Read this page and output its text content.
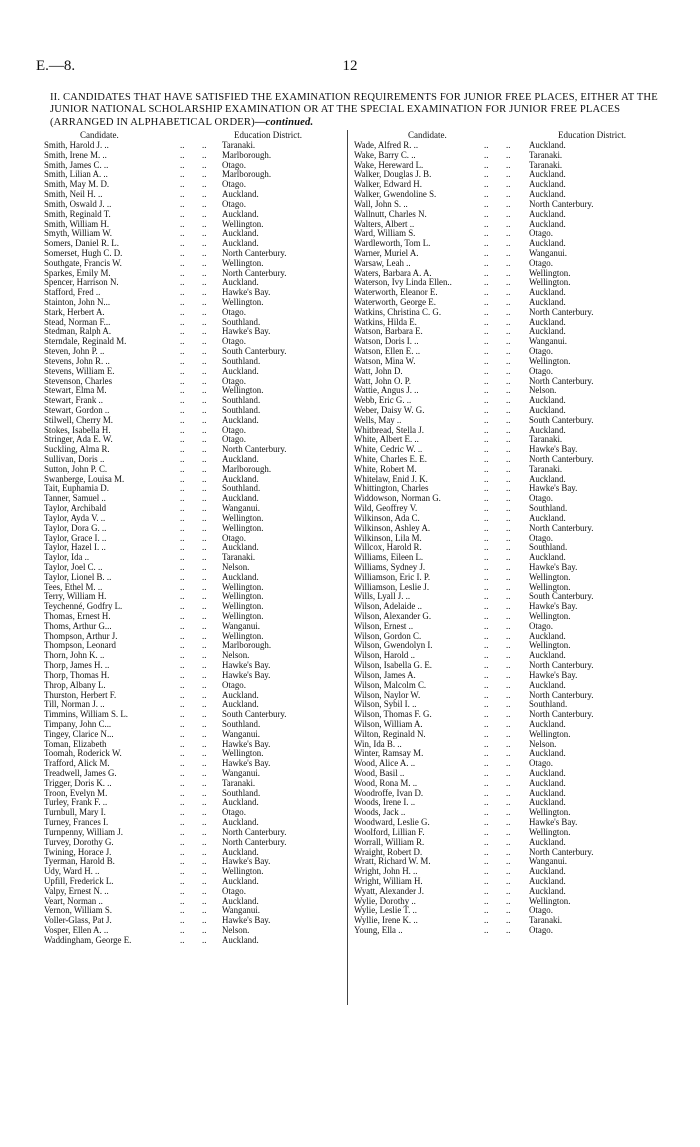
E.—8.	12
II. CANDIDATES THAT HAVE SATISFIED THE EXAMINATION REQUIREMENTS FOR JUNIOR FREE PLACES, EITHER AT THE JUNIOR NATIONAL SCHOLARSHIP EXAMINATION OR AT THE SPECIAL EXAMINATION FOR JUNIOR FREE PLACES (ARRANGED IN ALPHABETICAL ORDER)—continued.
Candidate.	Education District.
Smith, Harold J. ..	.. .. Taranaki.
Smith, Irene M. ..	.. .. Marlborough.
Smith, James C. ..	.. .. Otago.
Smith, Lilian A. ..	.. .. Marlborough.
Smith, May M. D.	.. .. Otago.
Smith, Neil H. ..	.. .. Auckland.
Smith, Oswald J. ..	.. .. Otago.
Smith, Reginald T.	.. .. Auckland.
Smith, William H.	.. .. Wellington.
Smyth, William W.	.. .. Auckland.
Somers, Daniel R. L.	.. .. Auckland.
Somerset, Hugh C. D.	.. .. North Canterbury.
Southgate, Francis W.	.. .. Wellington.
Sparkes, Emily M.	.. .. North Canterbury.
Spencer, Harrison N.	.. .. Auckland.
Stafford, Fred ..	.. .. Hawke's Bay.
Stainton, John N...	.. .. Wellington.
Stark, Herbert A.	.. .. Otago.
Stead, Norman F...	.. .. Southland.
Stedman, Ralph A.	.. .. Hawke's Bay.
Sterndale, Reginald M.	.. .. Otago.
Steven, John P. ..	.. .. South Canterbury.
Stevens, John R. ..	.. .. Southland.
Stevens, William E.	.. .. Auckland.
Stevenson, Charles	.. .. Otago.
Stewart, Elma M.	.. .. Wellington.
Stewart, Frank ..	.. .. Southland.
Stewart, Gordon ..	.. .. Southland.
Stilwell, Cherry M.	.. .. Auckland.
Stokes, Isabella H.	.. .. Otago.
Stringer, Ada E. W.	.. .. Otago.
Suckling, Alma R.	.. .. North Canterbury.
Sullivan, Doris ..	.. .. Auckland.
Sutton, John P. C.	.. .. Marlborough.
Swanberge, Louisa M.	.. .. Auckland.
Tait, Euphamia D.	.. .. Southland.
Tanner, Samuel ..	.. .. Auckland.
Taylor, Archibald	.. .. Wanganui.
Taylor, Ayda V. ..	.. .. Wellington.
Taylor, Dora G. ..	.. .. Wellington.
Taylor, Grace I. ..	.. .. Otago.
Taylor, Hazel I. ..	.. .. Auckland.
Taylor, Ida ..	.. .. Taranaki.
Taylor, Joel C. ..	.. .. Nelson.
Taylor, Lionel B. ..	.. .. Auckland.
Tees, Ethel M. ..	.. .. Wellington.
Terry, William H.	.. .. Wellington.
Teychenné, Godfry L.	.. .. Wellington.
Thomas, Ernest H.	.. .. Wellington.
Thoms, Arthur G...	.. .. Wanganui.
Thompson, Arthur J.	.. .. Wellington.
Thompson, Leonard	.. .. Marlborough.
Thorn, John K. ..	.. .. Nelson.
Thorp, James H. ..	.. .. Hawke's Bay.
Thorp, Thomas H.	.. .. Hawke's Bay.
Throp, Albany L.	.. .. Otago.
Thurston, Herbert F.	.. .. Auckland.
Till, Norman J. ..	.. .. Auckland.
Timmins, William S. L.	.. .. South Canterbury.
Timpany, John C...	.. .. Southland.
Tingey, Clarice N...	.. .. Wanganui.
Toman, Elizabeth	.. .. Hawke's Bay.
Toomah, Roderick W.	.. .. Wellington.
Trafford, Alick M.	.. .. Hawke's Bay.
Treadwell, James G.	.. .. Wanganui.
Trigger, Doris K. ..	.. .. Taranaki.
Troon, Evelyn M.	.. .. Southland.
Turley, Frank F. ..	.. .. Auckland.
Turnbull, Mary I.	.. .. Otago.
Turney, Frances I.	.. .. Auckland.
Turnpenny, William J.	.. .. North Canterbury.
Turvey, Dorothy G.	.. .. North Canterbury.
Twining, Horace J.	.. .. Auckland.
Tyerman, Harold B.	.. .. Hawke's Bay.
Udy, Ward H. ..	.. .. Wellington.
Upfill, Frederick L.	.. .. Auckland.
Valpy, Ernest N. ..	.. .. Otago.
Veart, Norman ..	.. .. Auckland.
Vernon, William S.	.. .. Wanganui.
Voller-Glass, Pat J.	.. .. Hawke's Bay.
Vosper, Ellen A. ..	.. .. Nelson.
Waddingham, George E.	.. .. Auckland.
Candidate.	Education District.
Wade, Alfred R. ..	.. .. Auckland.
Wake, Barry C. ..	.. .. Taranaki.
Wake, Hereward L.	.. .. Taranaki.
Walker, Douglas J. B.	.. .. Auckland.
Walker, Edward H.	.. .. Auckland.
Walker, Gwendoline S.	.. .. Auckland.
Wall, John S. ..	.. .. North Canterbury.
Wallnutt, Charles N.	.. .. Auckland.
Walters, Albert ..	.. .. Auckland.
Ward, William S.	.. .. Otago.
Wardleworth, Tom L.	.. .. Auckland.
Warner, Muriel A.	.. .. Wanganui.
Warsaw, Leah ..	.. .. Otago.
Waters, Barbara A. A.	.. .. Wellington.
Waterson, Ivy Linda Ellen..	.. .. Wellington.
Waterworth, Eleanor E.	.. .. Auckland.
Waterworth, George E.	.. .. Auckland.
Watkins, Christina C. G.	.. .. North Canterbury.
Watkins, Hilda E.	.. .. Auckland.
Watson, Barbara E.	.. .. Auckland.
Watson, Doris I. ..	.. .. Wanganui.
Watson, Ellen E. ..	.. .. Otago.
Watson, Mina W.	.. .. Wellington.
Watt, John D.	.. .. Otago.
Watt, John O. P.	.. .. North Canterbury.
Wattie, Angus J. ..	.. .. Nelson.
Webb, Eric G. ..	.. .. Auckland.
Weber, Daisy W. G.	.. .. Auckland.
Wells, May ..	.. .. South Canterbury.
Whitbread, Stella J.	.. .. Auckland.
White, Albert E. ..	.. .. Taranaki.
White, Cedric W. ..	.. .. Hawke's Bay.
White, Charles E. E.	.. .. North Canterbury.
White, Robert M.	.. .. Taranaki.
Whitelaw, Enid J. K.	.. .. Auckland.
Whittington, Charles	.. .. Hawke's Bay.
Widdowson, Norman G.	.. .. Otago.
Wild, Geoffrey V.	.. .. Southland.
Wilkinson, Ada C.	.. .. Auckland.
Wilkinson, Ashley A.	.. .. North Canterbury.
Wilkinson, Lila M.	.. .. Otago.
Willcox, Harold R.	.. .. Southland.
Williams, Eileen L.	.. .. Auckland.
Williams, Sydney J.	.. .. Hawke's Bay.
Williamson, Eric I. P.	.. .. Wellington.
Williamson, Leslie J.	.. .. Wellington.
Wills, Lyall J. ..	.. .. South Canterbury.
Wilson, Adelaide ..	.. .. Hawke's Bay.
Wilson, Alexander G.	.. .. Wellington.
Wilson, Ernest ..	.. .. Otago.
Wilson, Gordon C.	.. .. Auckland.
Wilson, Gwendolyn I.	.. .. Wellington.
Wilson, Harold ..	.. .. Auckland.
Wilson, Isabella G. E.	.. .. North Canterbury.
Wilson, James A.	.. .. Hawke's Bay.
Wilson, Malcolm C.	.. .. Auckland.
Wilson, Naylor W.	.. .. North Canterbury.
Wilson, Sybil I. ..	.. .. Southland.
Wilson, Thomas F. G.	.. .. North Canterbury.
Wilson, William A.	.. .. Auckland.
Wilton, Reginald N.	.. .. Wellington.
Win, Ida B. ..	.. .. Nelson.
Winter, Ramsay M.	.. .. Auckland.
Wood, Alice A. ..	.. .. Otago.
Wood, Basil ..	.. .. Auckland.
Wood, Rona M. ..	.. .. Auckland.
Woodroffe, Ivan D.	.. .. Auckland.
Woods, Irene I. ..	.. .. Auckland.
Woods, Jack ..	.. .. Wellington.
Woodward, Leslie G.	.. .. Hawke's Bay.
Woolford, Lillian F.	.. .. Wellington.
Worrall, William R.	.. .. Auckland.
Wraight, Robert D.	.. .. North Canterbury.
Wratt, Richard W. M.	.. .. Wanganui.
Wright, John H. ..	.. .. Auckland.
Wright, William H.	.. .. Auckland.
Wyatt, Alexander J.	.. .. Auckland.
Wylie, Dorothy ..	.. .. Wellington.
Wylie, Leslie T. ..	.. .. Otago.
Wyllie, Irene K. ..	.. .. Taranaki.
Young, Ella ..	.. .. Otago.
